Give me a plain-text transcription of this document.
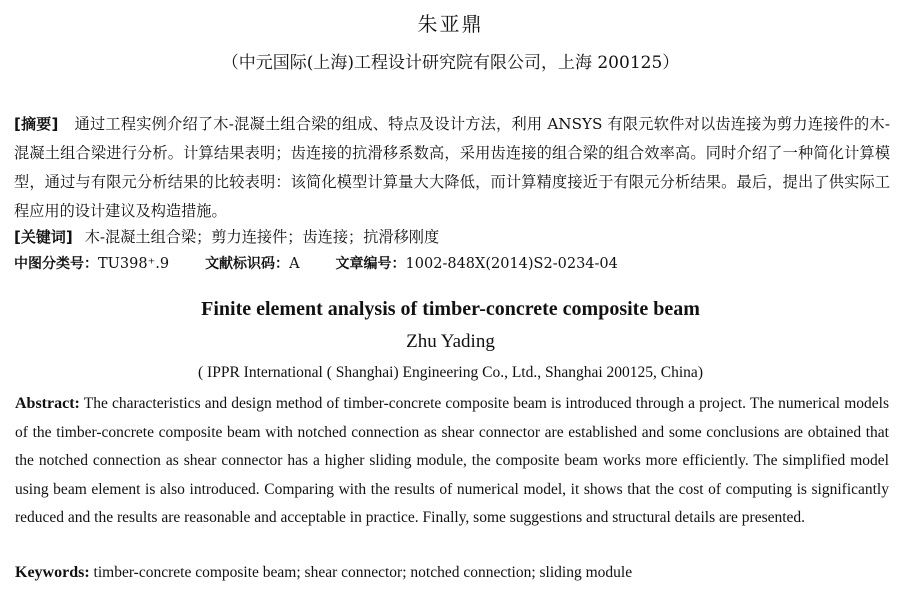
朱亚鼎
（中元国际(上海)工程设计研究院有限公司，上海 200125）
[摘要] 通过工程实例介绍了木-混凝土组合梁的组成、特点及设计方法，利用 ANSYS 有限元软件对以齿连接为剪力连接件的木-混凝土组合梁进行分析。计算结果表明；齿连接的抗滑移系数高，采用齿连接的组合梁的组合效率高。同时介绍了一种简化计算模型，通过与有限元分析结果的比较表明：该简化模型计算量大大降低，而计算精度接近于有限元分析结果。最后，提出了供实际工程应用的设计建议及构造措施。
[关键词] 木-混凝土组合梁；剪力连接件；齿连接；抗滑移刚度
中图分类号：TU398⁺.9	文献标识码：A	文章编号：1002-848X(2014)S2-0234-04
Finite element analysis of timber-concrete composite beam
Zhu Yading
( IPPR International ( Shanghai) Engineering Co., Ltd., Shanghai 200125, China)
Abstract: The characteristics and design method of timber-concrete composite beam is introduced through a project. The numerical models of the timber-concrete composite beam with notched connection as shear connector are established and some conclusions are obtained that the notched connection as shear connector has a higher sliding module, the composite beam works more efficiently. The simplified model using beam element is also introduced. Comparing with the results of numerical model, it shows that the cost of computing is significantly reduced and the results are reasonable and acceptable in practice. Finally, some suggestions and structural details are presented.
Keywords: timber-concrete composite beam; shear connector; notched connection; sliding module
